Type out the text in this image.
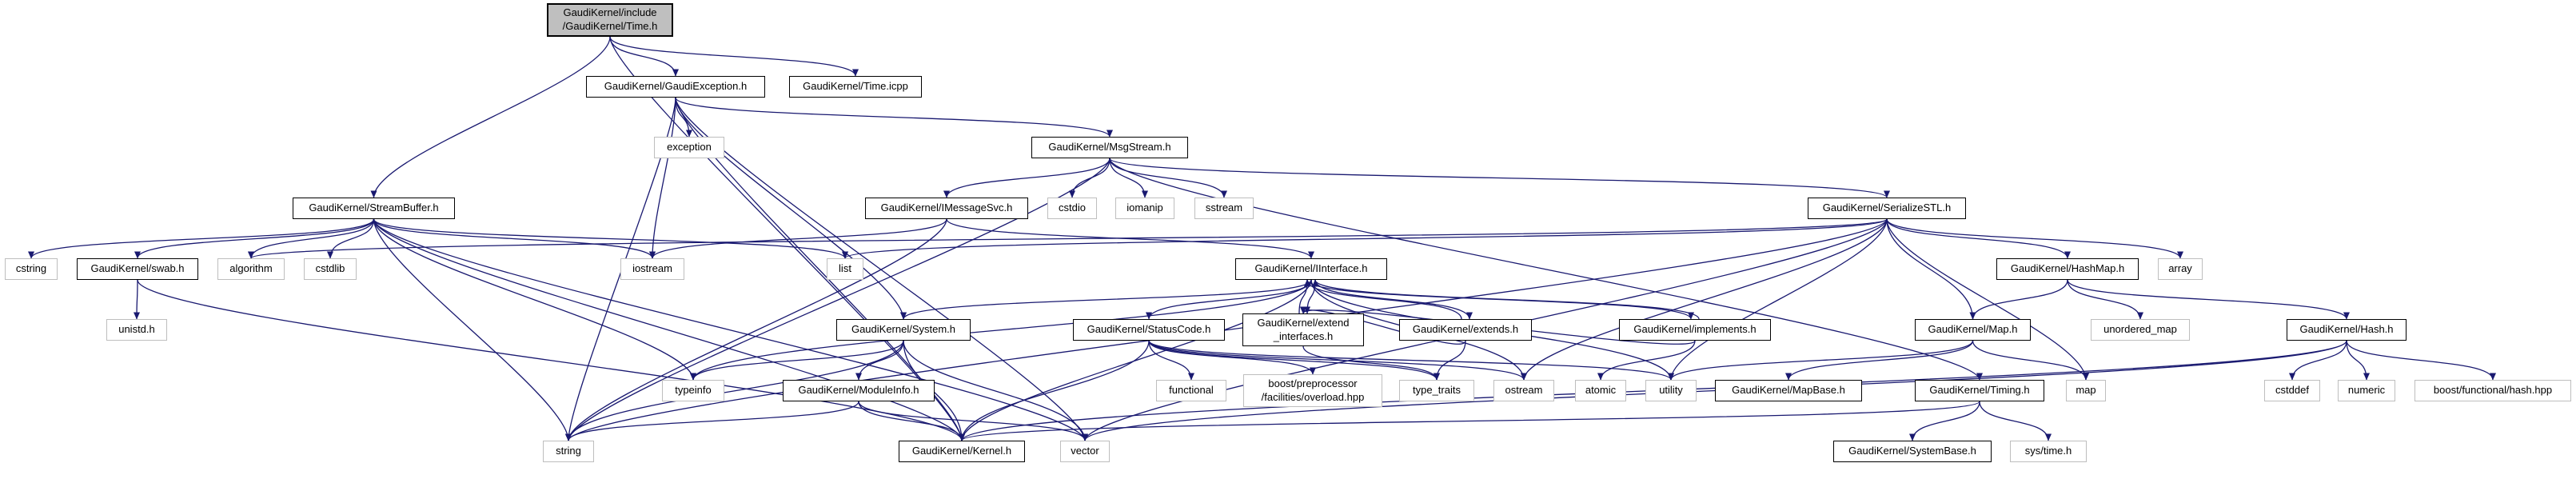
GaudiKernel/include
/GaudiKernel/Time.h
GaudiKernel/GaudiException.h	GaudiKernel/Time.icpp
exception	GaudiKernel/MsgStream.h
GaudiKernel/StreamBuffer.h	GaudiKernel/IMessageSvc.h	cstdio	iomanip	sstream	GaudiKernel/SerializeSTL.h
cstring	GaudiKernel/swab.h	algorithm	cstdlib	iostream	list	GaudiKernel/IInterface.h	GaudiKernel/HashMap.h	array
unistd.h	GaudiKernel/System.h	GaudiKernel/StatusCode.h
GaudiKernel/extend
_interfaces.h
GaudiKernel/extends.h	GaudiKernel/implements.h	GaudiKernel/Map.h	unordered_map	GaudiKernel/Hash.h
typeinfo	GaudiKernel/ModuleInfo.h	functional
boost/preprocessor
/facilities/overload.hpp
type_traits	ostream	atomic	utility	GaudiKernel/MapBase.h	GaudiKernel/Timing.h	map	cstddef	numeric	boost/functional/hash.hpp
string	GaudiKernel/Kernel.h	vector	GaudiKernel/SystemBase.h	sys/time.h
